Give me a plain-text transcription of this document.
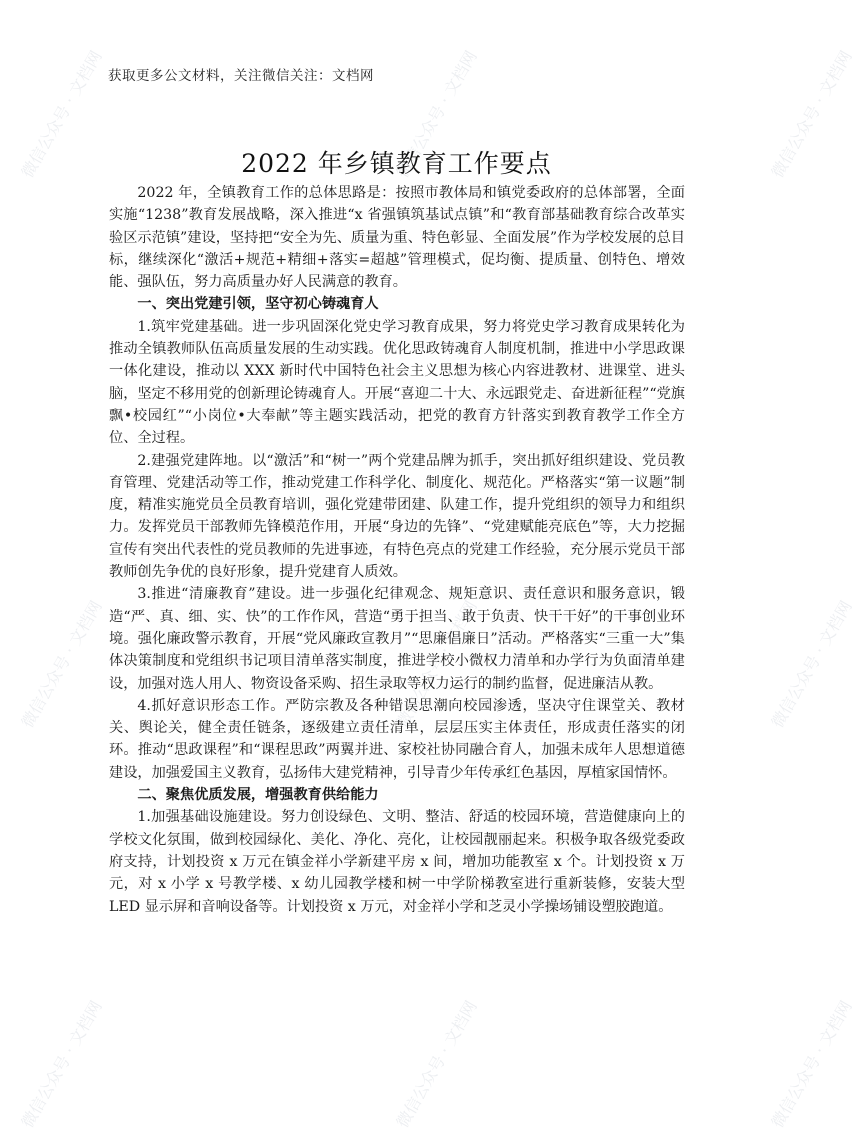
微信公众号 · 文档网	微信公众号 · 文档网	微信公众号 · 文档网
微信公众号 · 文档网	微信公众号 · 文档网	微信公众号 · 文档网
微信公众号 · 文档网	微信公众号 · 文档网	微信公众号 · 文档网
获取更多公文材料，关注微信关注：文档网
2022 年乡镇教育工作要点

2022 年，全镇教育工作的总体思路是：按照市教体局和镇党委政府的总体部署，全面实施“1238”教育发展战略，深入推进“x 省强镇筑基试点镇”和“教育部基础教育综合改革实验区示范镇”建设，坚持把“安全为先、质量为重、特色彰显、全面发展”作为学校发展的总目标，继续深化“激活+规范+精细+落实=超越”管理模式，促均衡、提质量、创特色、增效能、强队伍，努力高质量办好人民满意的教育。

一、突出党建引领，坚守初心铸魂育人

1.筑牢党建基础。进一步巩固深化党史学习教育成果，努力将党史学习教育成果转化为推动全镇教师队伍高质量发展的生动实践。优化思政铸魂育人制度机制，推进中小学思政课一体化建设，推动以 XXX 新时代中国特色社会主义思想为核心内容进教材、进课堂、进头脑，坚定不移用党的创新理论铸魂育人。开展“喜迎二十大、永远跟党走、奋进新征程”“党旗飘•校园红”“小岗位•大奉献”等主题实践活动，把党的教育方针落实到教育教学工作全方位、全过程。

2.建强党建阵地。以“激活”和“树一”两个党建品牌为抓手，突出抓好组织建设、党员教育管理、党建活动等工作，推动党建工作科学化、制度化、规范化。严格落实“第一议题”制度，精准实施党员全员教育培训，强化党建带团建、队建工作，提升党组织的领导力和组织力。发挥党员干部教师先锋模范作用，开展“身边的先锋”、“党建赋能亮底色”等，大力挖掘宣传有突出代表性的党员教师的先进事迹，有特色亮点的党建工作经验，充分展示党员干部教师创先争优的良好形象，提升党建育人质效。

3.推进“清廉教育”建设。进一步强化纪律观念、规矩意识、责任意识和服务意识，锻造“严、真、细、实、快”的工作作风，营造“勇于担当、敢于负责、快干干好”的干事创业环境。强化廉政警示教育，开展“党风廉政宣教月”“思廉倡廉日”活动。严格落实“三重一大”集体决策制度和党组织书记项目清单落实制度，推进学校小微权力清单和办学行为负面清单建设，加强对选人用人、物资设备采购、招生录取等权力运行的制约监督，促进廉洁从教。

4.抓好意识形态工作。严防宗教及各种错误思潮向校园渗透，坚决守住课堂关、教材关、舆论关，健全责任链条，逐级建立责任清单，层层压实主体责任，形成责任落实的闭环。推动“思政课程”和“课程思政”两翼并进、家校社协同融合育人，加强未成年人思想道德建设，加强爱国主义教育，弘扬伟大建党精神，引导青少年传承红色基因，厚植家国情怀。

二、聚焦优质发展，增强教育供给能力

1.加强基础设施建设。努力创设绿色、文明、整洁、舒适的校园环境，营造健康向上的学校文化氛围，做到校园绿化、美化、净化、亮化，让校园靓丽起来。积极争取各级党委政府支持，计划投资 x 万元在镇金祥小学新建平房 x 间，增加功能教室 x 个。计划投资 x 万元，对 x 小学 x 号教学楼、x 幼儿园教学楼和树一中学阶梯教室进行重新装修，安装大型 LED 显示屏和音响设备等。计划投资 x 万元，对金祥小学和芝灵小学操场铺设塑胶跑道。
